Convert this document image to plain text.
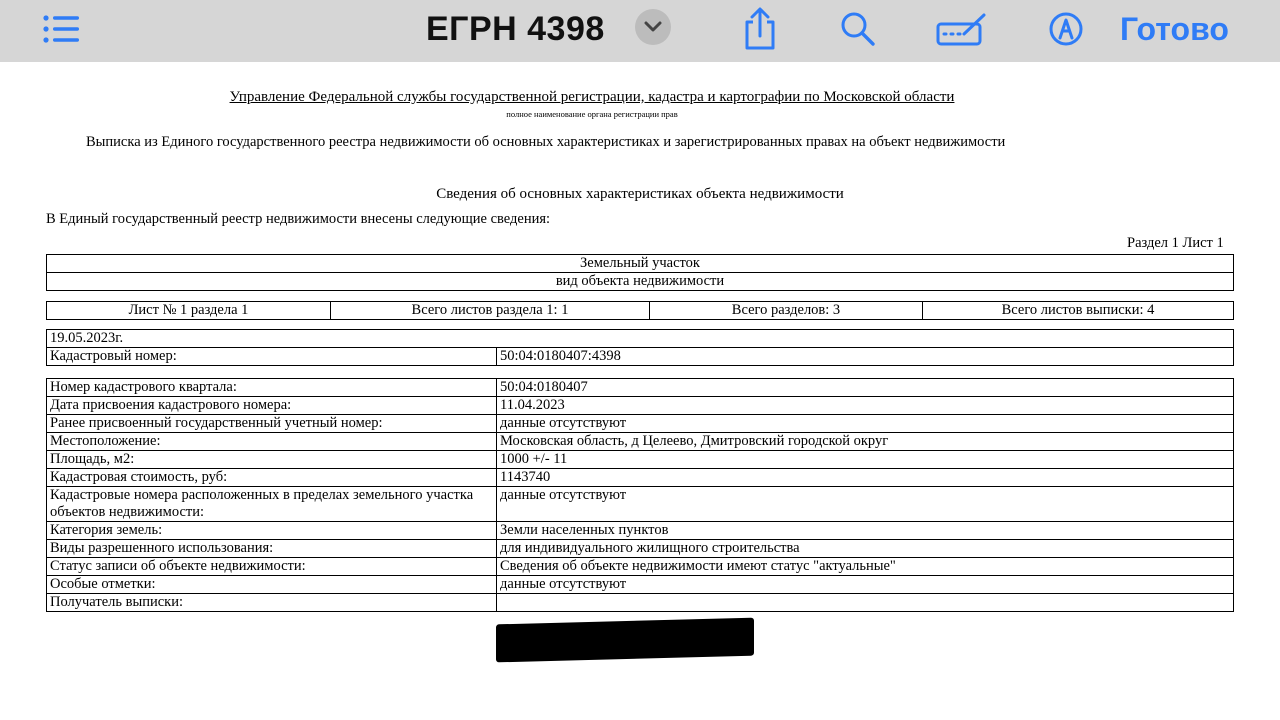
ЕГРН 4398	Готово
Управление Федеральной службы государственной регистрации, кадастра и картографии по Московской области
полное наименование органа регистрации прав
Выписка из Единого государственного реестра недвижимости об основных характеристиках и зарегистрированных правах на объект недвижимости
Сведения об основных характеристиках объекта недвижимости
В Единый государственный реестр недвижимости внесены следующие сведения:
Раздел 1 Лист 1
Земельный участок
вид объекта недвижимости
Лист № 1 раздела 1	Всего листов раздела 1: 1	Всего разделов: 3	Всего листов выписки: 4
19.05.2023г.
Кадастровый номер:	50:04:0180407:4398
Номер кадастрового квартала:	50:04:0180407
Дата присвоения кадастрового номера:	11.04.2023
Ранее присвоенный государственный учетный номер:	данные отсутствуют
Местоположение:	Московская область, д Целеево, Дмитровский городской округ
Площадь, м2:	1000 +/- 11
Кадастровая стоимость, руб:	1143740
Кадастровые номера расположенных в пределах земельного участка объектов недвижимости:	данные отсутствуют
Категория земель:	Земли населенных пунктов
Виды разрешенного использования:	для индивидуального жилищного строительства
Статус записи об объекте недвижимости:	Сведения об объекте недвижимости имеют статус "актуальные"
Особые отметки:	данные отсутствуют
Получатель выписки:	
